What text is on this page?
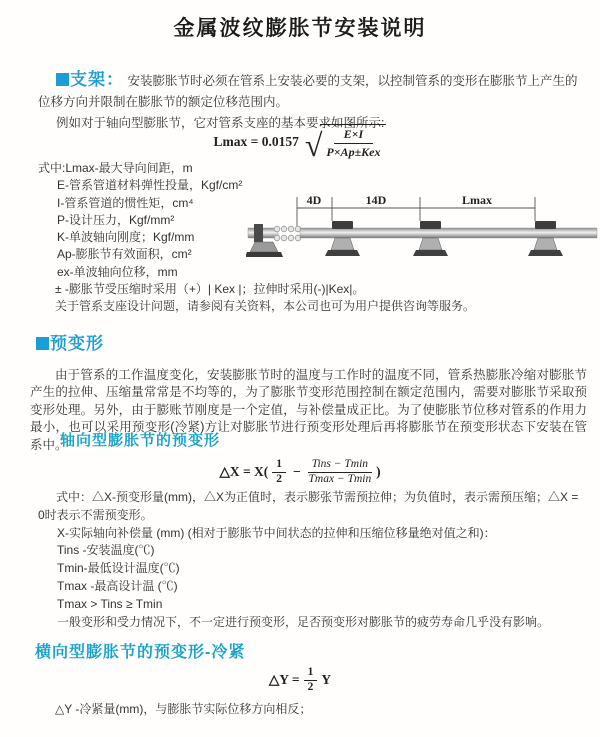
金属波纹膨胀节安装说明

支架： 安装膨胀节时必须在管系上安装必要的支架，以控制管系的变形在膨胀节上产生的位移方向并限制在膨胀节的额定位移范围内。

例如对于轴向型膨胀节，它对管系支座的基本要求如图所示:

Lmax = 0.0157 √
$\frac{E\times I}{\text{P×Ap±Kex}}$
式中:Lmax-最大导向间距，m
E-管系管道材料弹性投量，Kgf/cm²
I-管系管道的惯性矩，cm⁴
P-设计压力，Kgf/mm²
K-单波轴向刚度；Kgf/mm
Ap-膨胀节有效面积，cm²
ex-单波轴向位移，mm
± -膨胀节受压缩时采用（+）| Kex |；拉伸时采用(-)|Kex|。
关于管系支座设计问题，请参阅有关资料，本公司也可为用户提供咨询等服务。
4D	14D	Lmax
预变形

由于管系的工作温度变化，安装膨胀节时的温度与工作时的温度不同，管系热膨胀冷缩对膨胀节产生的拉伸、压缩量常常是不均等的，为了膨胀节变形范围控制在额定范围内，需要对膨胀节采取预变形处理。另外，由于膨账节刚度是一个定值，与补偿量成正比。为了使膨胀节位移对管系的作用力最小，也可以采用预变形(冷紧)方让对膨胀节进行预变形处理后再将膨胀节在预变形状态下安装在管系中。

轴向型膨胀节的预变形
△X = X(
1
2 −
Tins − Tmin
Tmax − Tmin )
式中：△X-预变形量(mm)，△X为正值时，表示膨张节需预拉伸；为负值时，表示需预压缩；△X = 0时表示不需预变形。
X-实际轴向补偿量 (mm) (相对于膨胀节中间状态的拉伸和压缩位移量绝对值之和)：
Tins -安装温度(℃)
Tmin-最低设计温度(℃)
Tmax -最高设计温 (℃)
Tmax > Tins ≥ Tmin
一般变形和受力情况下，不一定进行预变形，足否预变形对膨胀节的疲劳寿命几乎没有影响。
横向型膨胀节的预变形-冷紧
△Y = $\frac{1}{2}$ Y
△Y -冷紧量(mm)，与膨胀节实际位移方向相反；
